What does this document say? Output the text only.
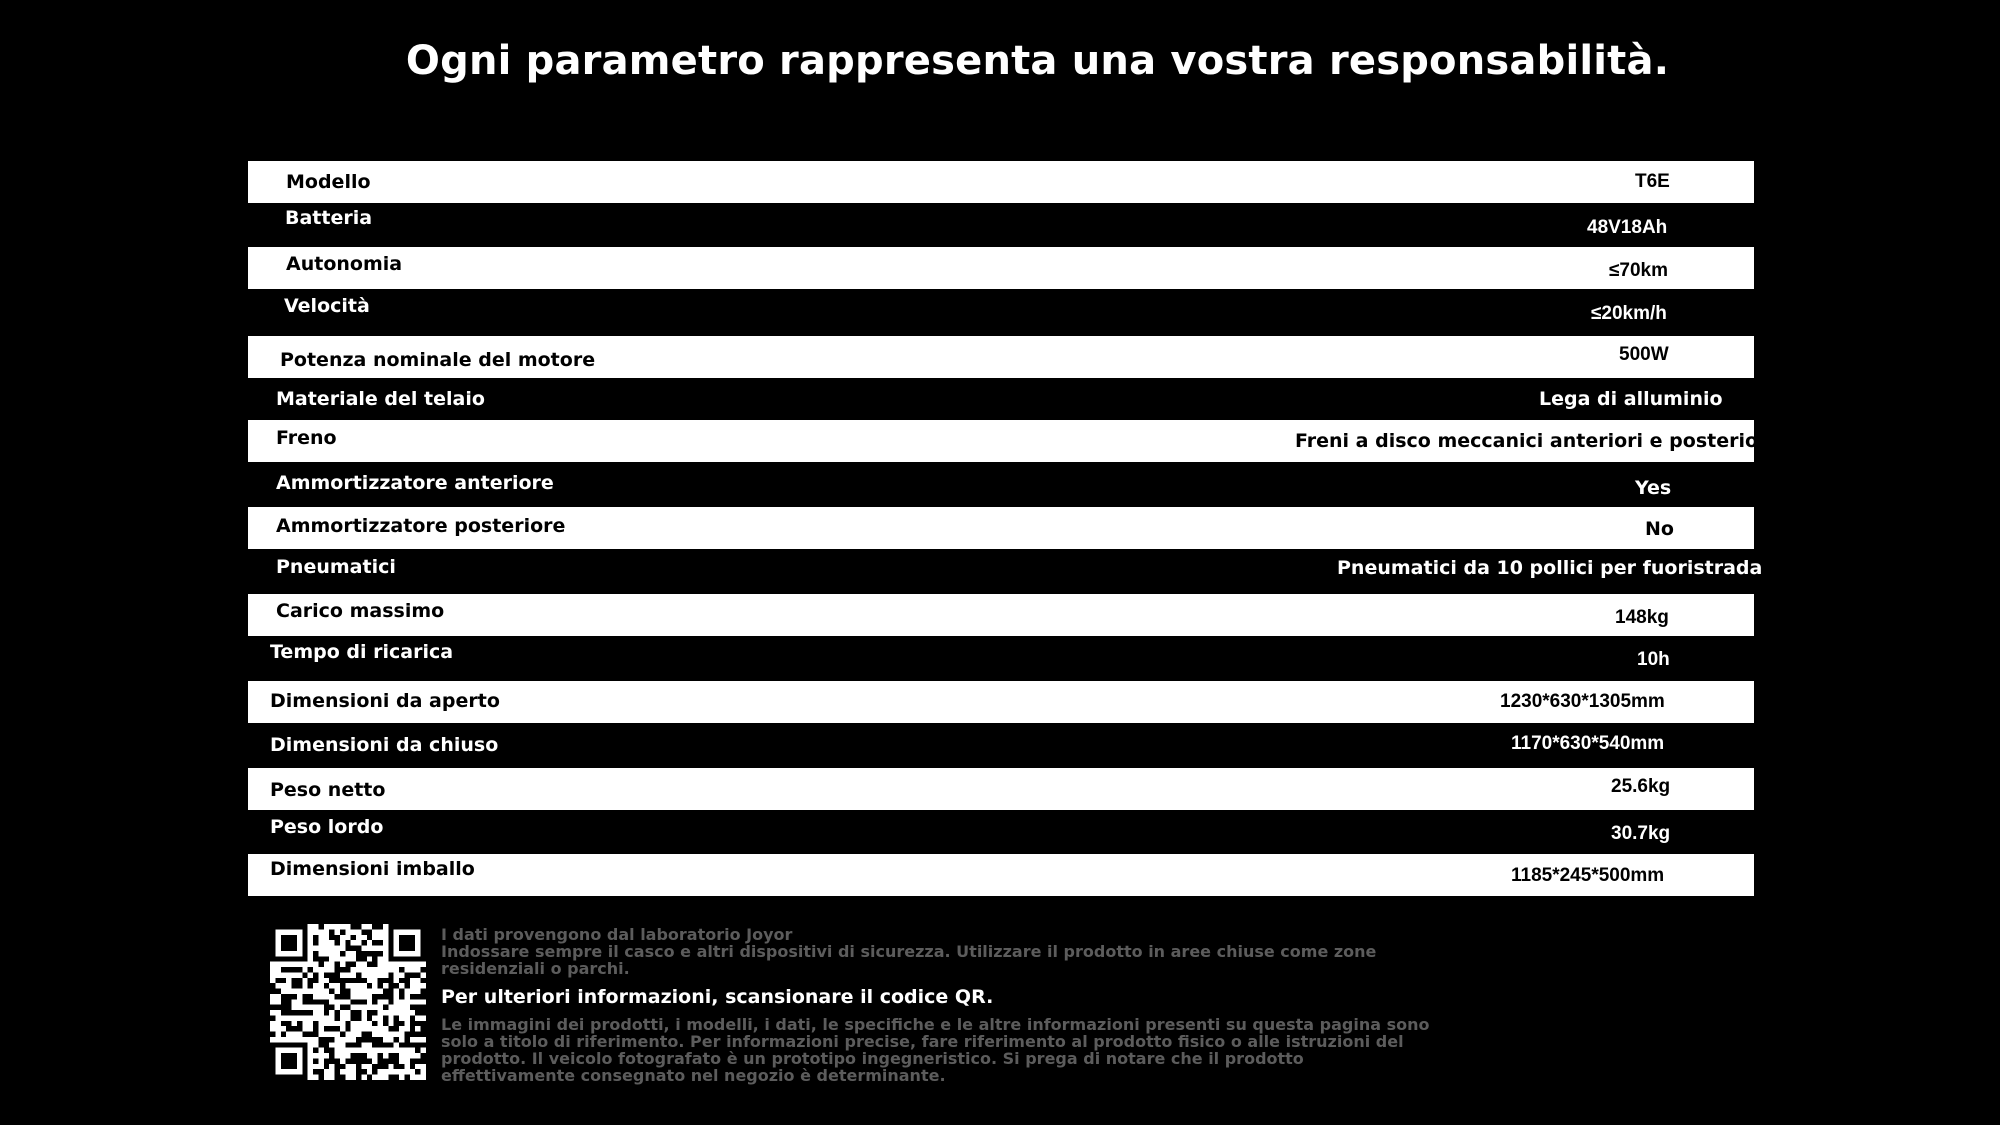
Ogni parametro rappresenta una vostra responsabilità.
Modello	T6E
Batteria	48V18Ah
Autonomia	≤70km
Velocità	≤20km/h
Potenza nominale del motore	500W
Materiale del telaio	Lega di alluminio
Freno	Freni a disco meccanici anteriori e posteriori
Ammortizzatore anteriore	Yes
Ammortizzatore posteriore	No
Pneumatici	Pneumatici da 10 pollici per fuoristrada
Carico massimo	148kg
Tempo di ricarica	10h
Dimensioni da aperto	1230*630*1305mm
Dimensioni da chiuso	1170*630*540mm
Peso netto	25.6kg
Peso lordo	30.7kg
Dimensioni imballo	1185*245*500mm

I dati provengono dal laboratorio Joyor

Indossare sempre il casco e altri dispositivi di sicurezza. Utilizzare il prodotto in aree chiuse come zone residenziali o parchi.

Per ulteriori informazioni, scansionare il codice QR.

Le immagini dei prodotti, i modelli, i dati, le specifiche e le altre informazioni presenti su questa pagina sono solo a titolo di riferimento. Per informazioni precise, fare riferimento al prodotto fisico o alle istruzioni del prodotto. Il veicolo fotografato è un prototipo ingegneristico. Si prega di notare che il prodotto effettivamente consegnato nel negozio è determinante.
